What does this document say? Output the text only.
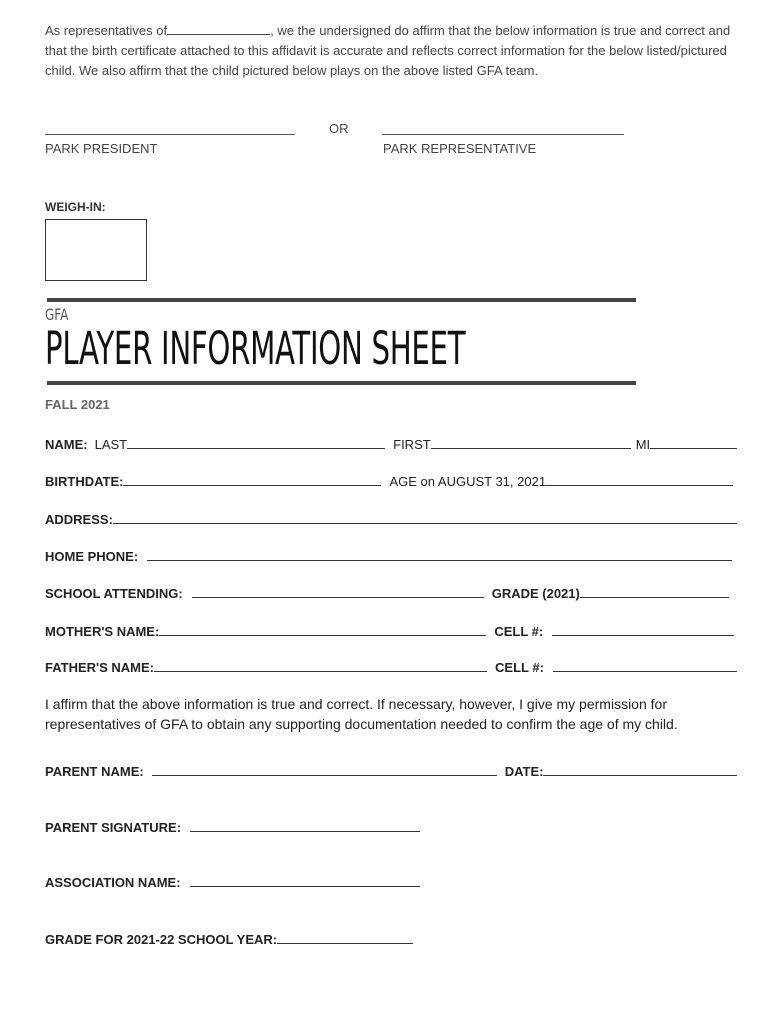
As representatives of	, we the undersigned do affirm that the below information is true and correct and that the birth certificate attached to this affidavit is accurate and reflects correct information for the below listed/pictured child. We also affirm that the child pictured below plays on the above listed GFA team.
OR
PARK PRESIDENT	PARK REPRESENTATIVE
WEIGH-IN:
GFA
PLAYER INFORMATION SHEET
FALL 2021
NAME: LAST	FIRST	MI
BIRTHDATE:	AGE on AUGUST 31, 2021
ADDRESS:
HOME PHONE:
SCHOOL ATTENDING:	GRADE (2021)
MOTHER'S NAME:	CELL #:
FATHER'S NAME:	CELL #:
I affirm that the above information is true and correct. If necessary, however, I give my permission for representatives of GFA to obtain any supporting documentation needed to confirm the age of my child.
PARENT NAME:	DATE:
PARENT SIGNATURE:
ASSOCIATION NAME:
GRADE FOR 2021-22 SCHOOL YEAR:
